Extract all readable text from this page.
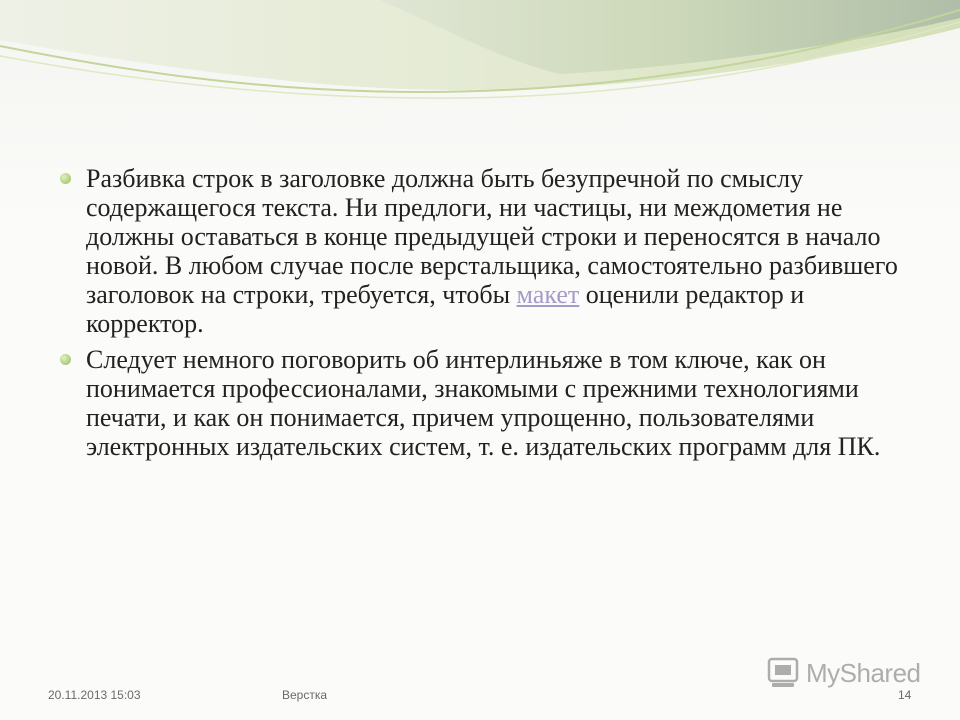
Разбивка строк в заголовке должна быть безупречной по смыслу содержащегося текста. Ни предлоги, ни частицы, ни междометия не должны оставаться в конце предыдущей строки и переносятся в начало новой. В любом случае после верстальщика, самостоятельно разбившего заголовок на строки, требуется, чтобы макет оценили редактор и корректор.
Следует немного поговорить об интерлиньяже в том ключе, как он понимается профессионалами, знакомыми с прежними технологиями печати, и как он понимается, причем упрощенно, пользователями электронных издательских систем, т. е. издательских программ для ПК.
MyShared
20.11.2013 15:03	Верстка	14
